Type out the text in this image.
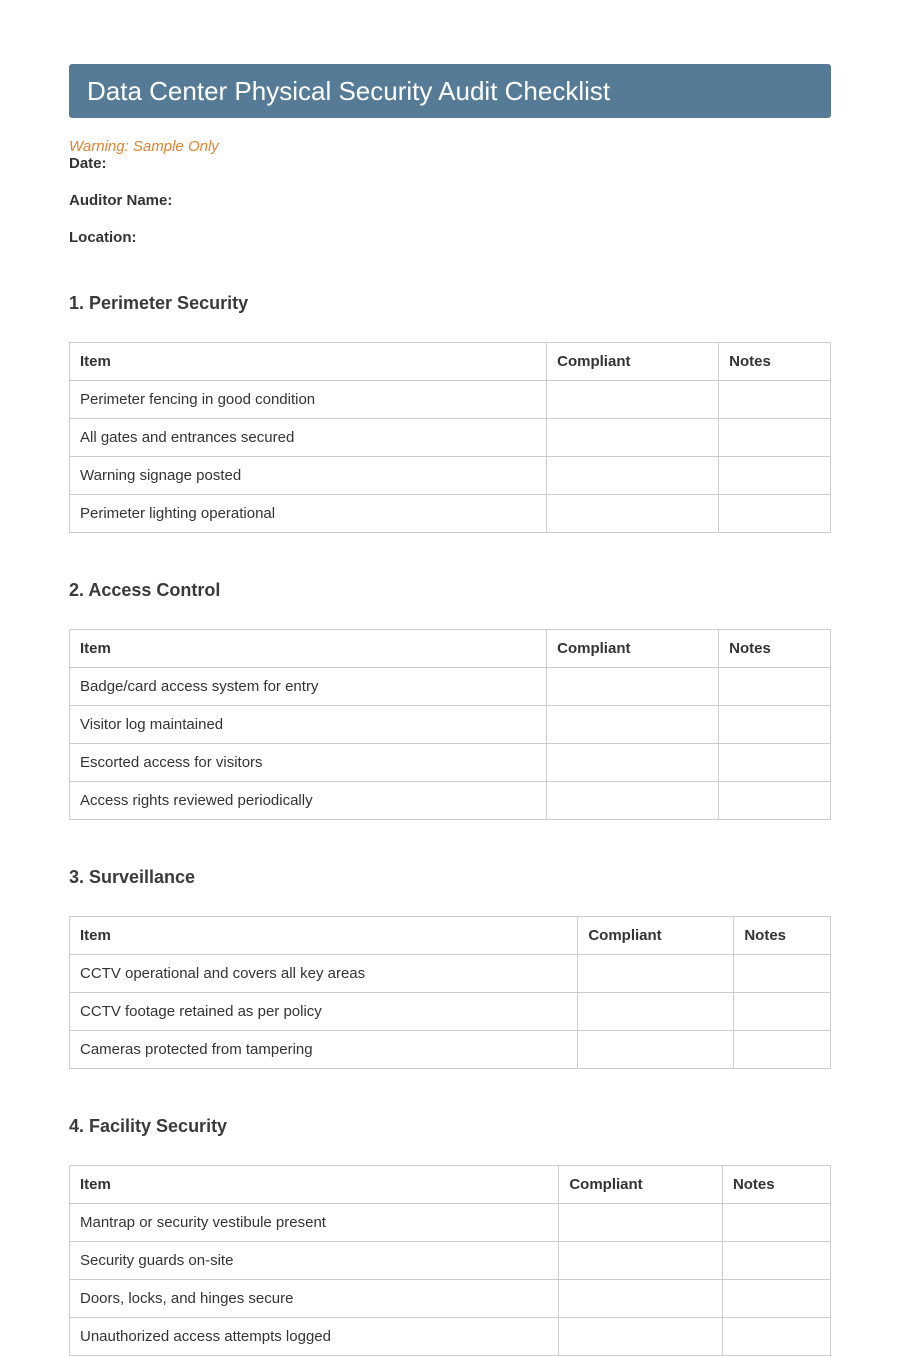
Data Center Physical Security Audit Checklist

Warning: Sample Only

Date:

Auditor Name:

Location:

1. Perimeter Security
Item	Compliant	Notes
Perimeter fencing in good condition		
All gates and entrances secured		
Warning signage posted		
Perimeter lighting operational		
2. Access Control
Item	Compliant	Notes
Badge/card access system for entry		
Visitor log maintained		
Escorted access for visitors		
Access rights reviewed periodically		
3. Surveillance
Item	Compliant	Notes
CCTV operational and covers all key areas		
CCTV footage retained as per policy		
Cameras protected from tampering		
4. Facility Security
Item	Compliant	Notes
Mantrap or security vestibule present		
Security guards on-site		
Doors, locks, and hinges secure		
Unauthorized access attempts logged		
